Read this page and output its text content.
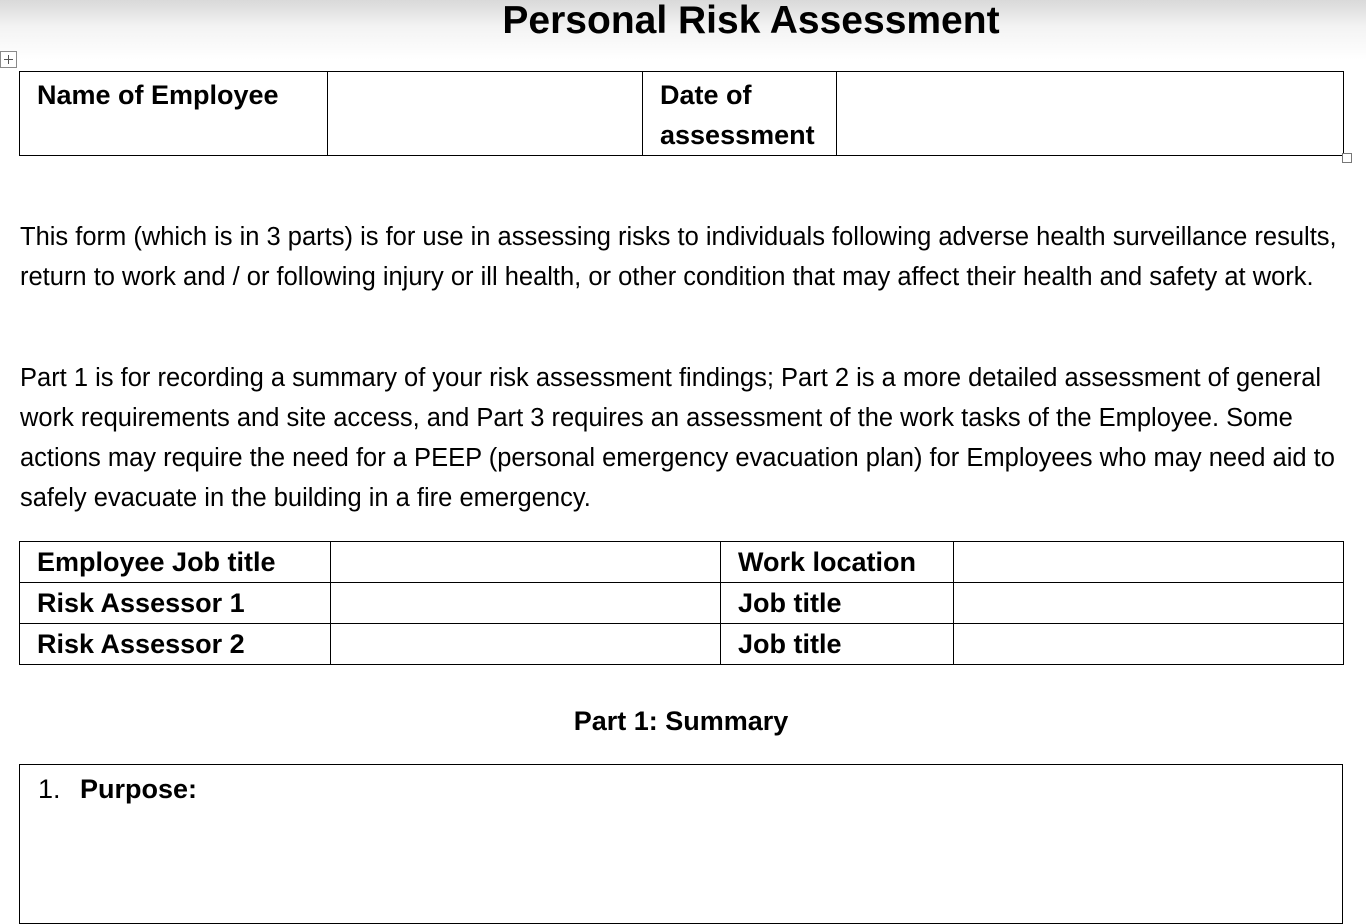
Personal Risk Assessment
Name of Employee		Date of assessment	

This form (which is in 3 parts) is for use in assessing risks to individuals following adverse health surveillance results, return to work and / or following injury or ill health, or other condition that may affect their health and safety at work.

Part 1 is for recording a summary of your risk assessment findings; Part 2 is a more detailed assessment of general work requirements and site access, and Part 3 requires an assessment of the work tasks of the Employee. Some actions may require the need for a PEEP (personal emergency evacuation plan) for Employees who may need aid to safely evacuate in the building in a fire emergency.

Employee Job title		Work location	
Risk Assessor 1		Job title	
Risk Assessor 2		Job title	
Part 1: Summary
1. Purpose:
